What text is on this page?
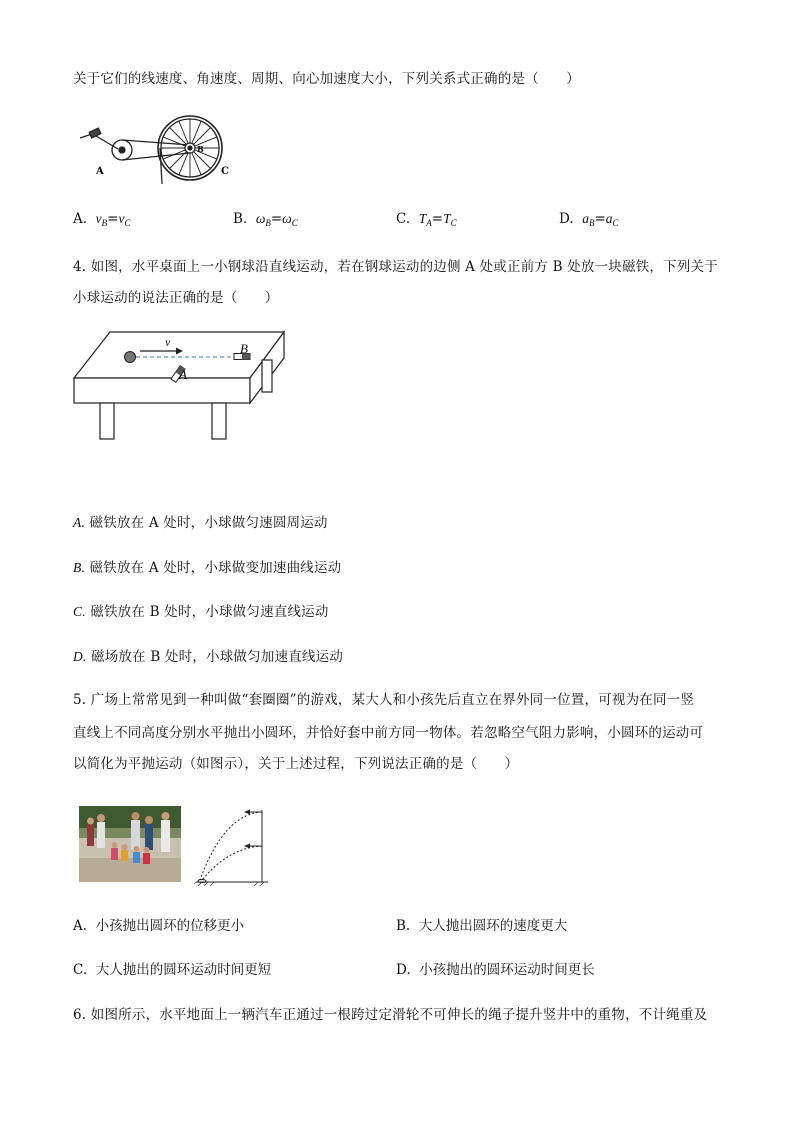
关于它们的线速度、角速度、周期、向心加速度大小，下列关系式正确的是（　　）
A	C
B
A. $v_B=v_C$	B. $\omega_B=\omega_C$	C. $T_A=T_C$	D. $a_B=a_C$
4. 如图，水平桌面上一小钢球沿直线运动，若在钢球运动的边侧 A 处或正前方 B 处放一块磁铁，下列关于
小球运动的说法正确的是（　　）
v	B
A
A. 磁铁放在 A 处时，小球做匀速圆周运动
B. 磁铁放在 A 处时，小球做变加速曲线运动
C. 磁铁放在 B 处时，小球做匀速直线运动
D. 磁场放在 B 处时，小球做匀加速直线运动
5. 广场上常常见到一种叫做“套圈圈”的游戏，某大人和小孩先后直立在界外同一位置，可视为在同一竖
直线上不同高度分别水平抛出小圆环，并恰好套中前方同一物体。若忽略空气阻力影响，小圆环的运动可
以简化为平抛运动（如图示），关于上述过程，下列说法正确的是（　　）
A. 小孩抛出圆环的位移更小	B. 大人抛出圆环的速度更大
C. 大人抛出的圆环运动时间更短	D. 小孩抛出的圆环运动时间更长
6. 如图所示，水平地面上一辆汽车正通过一根跨过定滑轮不可伸长的绳子提升竖井中的重物，不计绳重及
